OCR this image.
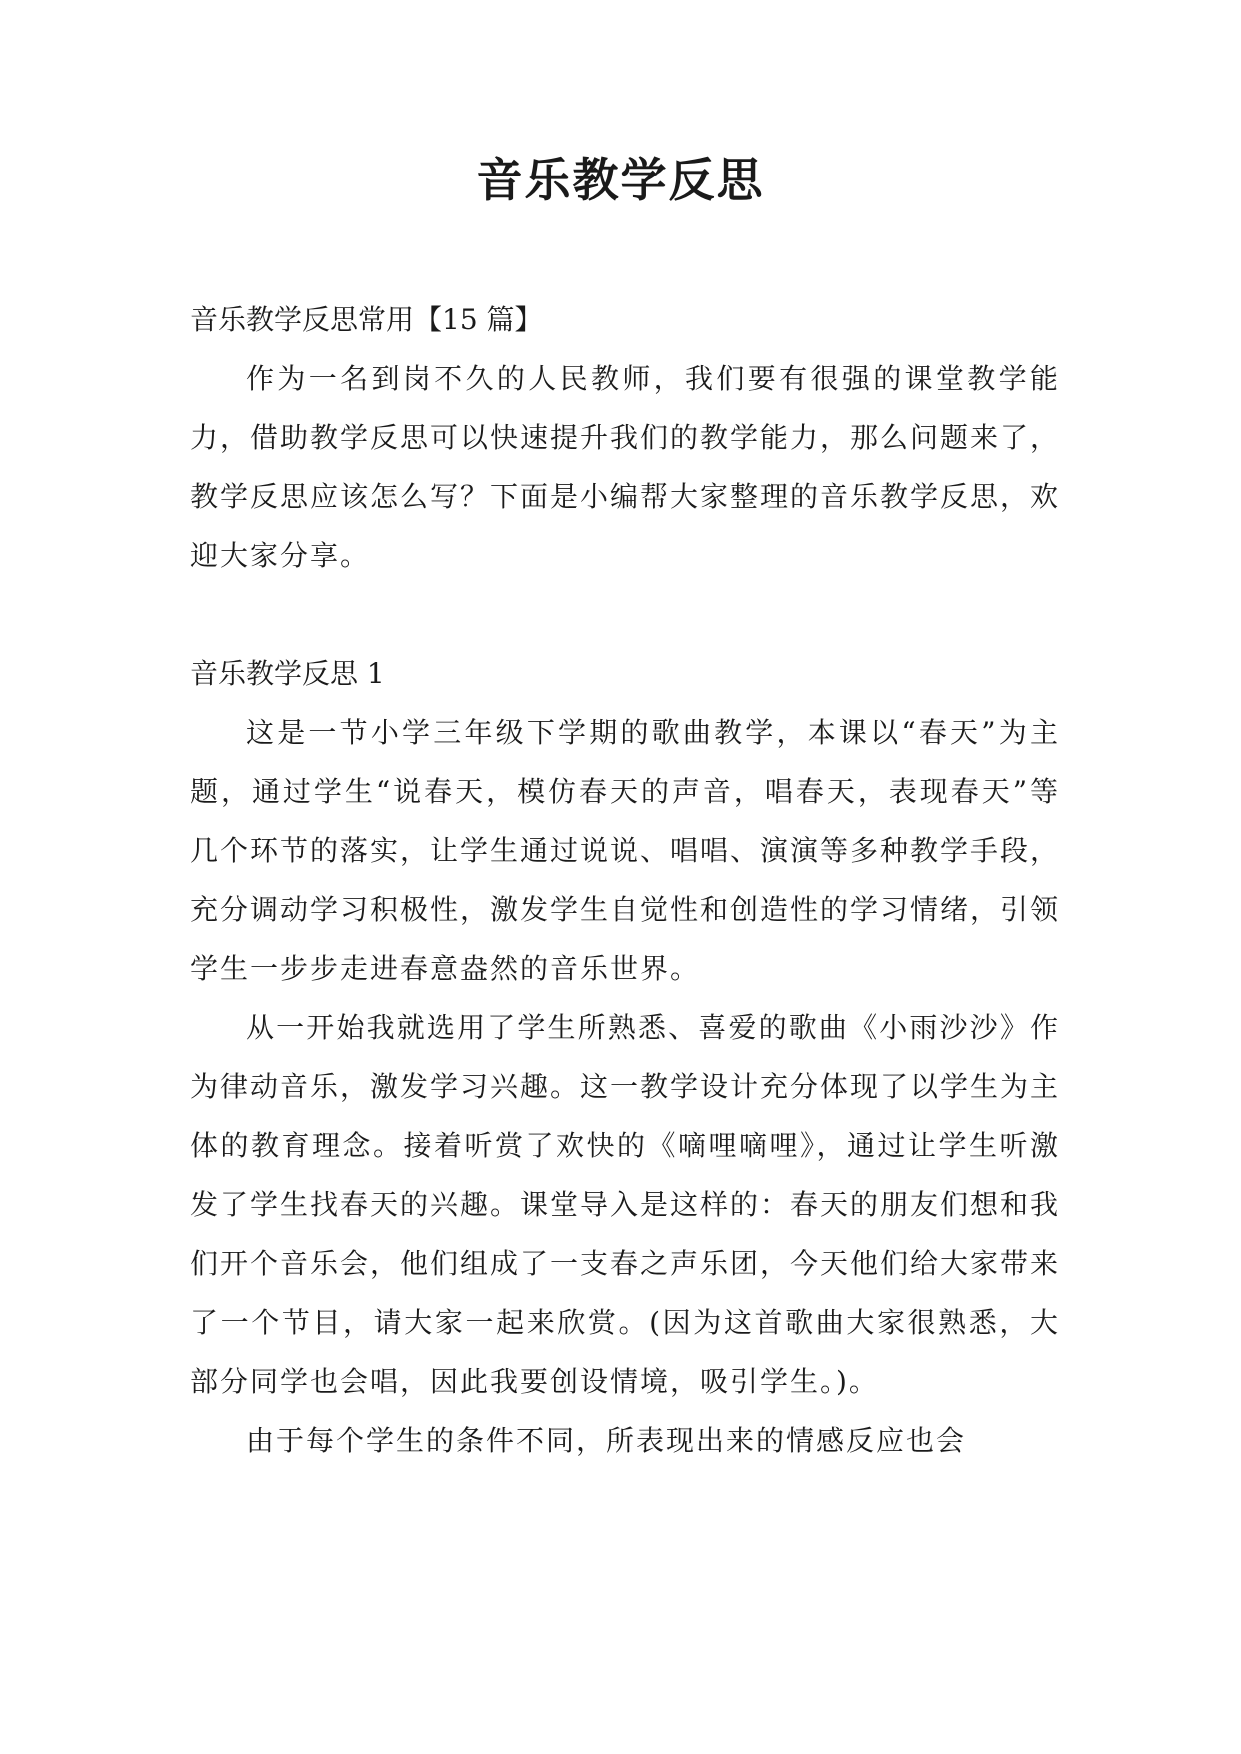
音乐教学反思

音乐教学反思常用【15 篇】

作为一名到岗不久的人民教师，我们要有很强的课堂教学能力，借助教学反思可以快速提升我们的教学能力，那么问题来了，教学反思应该怎么写？下面是小编帮大家整理的音乐教学反思，欢迎大家分享。

音乐教学反思 1

这是一节小学三年级下学期的歌曲教学，本课以“春天”为主题，通过学生“说春天，模仿春天的声音，唱春天，表现春天”等几个环节的落实，让学生通过说说、唱唱、演演等多种教学手段，充分调动学习积极性，激发学生自觉性和创造性的学习情绪，引领学生一步步走进春意盎然的音乐世界。

从一开始我就选用了学生所熟悉、喜爱的歌曲《小雨沙沙》作为律动音乐，激发学习兴趣。这一教学设计充分体现了以学生为主体的教育理念。接着听赏了欢快的《嘀哩嘀哩》，通过让学生听激发了学生找春天的兴趣。课堂导入是这样的：春天的朋友们想和我们开个音乐会，他们组成了一支春之声乐团，今天他们给大家带来了一个节目，请大家一起来欣赏。(因为这首歌曲大家很熟悉，大部分同学也会唱，因此我要创设情境，吸引学生。)。

由于每个学生的条件不同，所表现出来的情感反应也会
